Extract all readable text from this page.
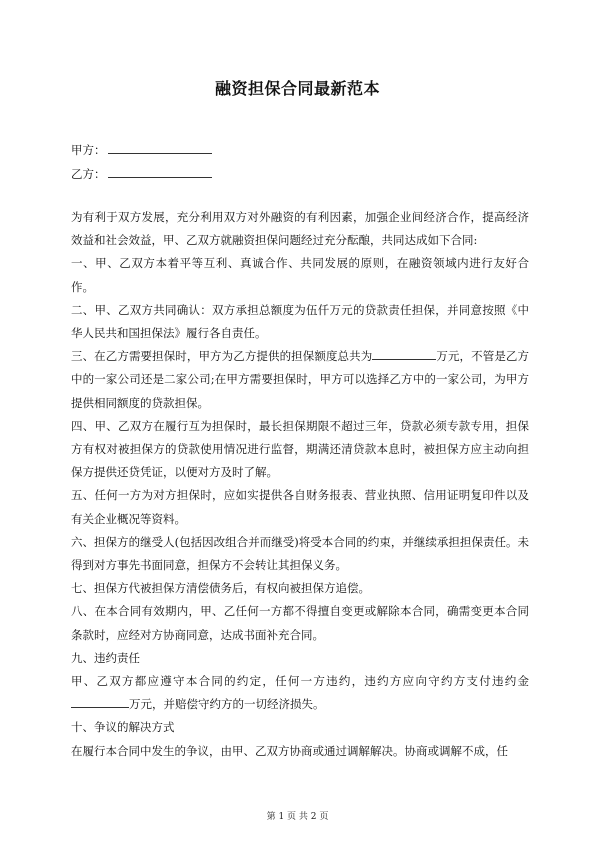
融资担保合同最新范本
甲方：
乙方：

为有利于双方发展，充分利用双方对外融资的有利因素，加强企业间经济合作，提高经济效益和社会效益，甲、乙双方就融资担保问题经过充分酝酿，共同达成如下合同:

一、甲、乙双方本着平等互利、真诚合作、共同发展的原则，在融资领域内进行友好合作。

二、甲、乙双方共同确认：双方承担总额度为伍仟万元的贷款责任担保，并同意按照《中华人民共和国担保法》履行各自责任。

三、在乙方需要担保时，甲方为乙方提供的担保额度总共为	万元，不管是乙方中的一家公司还是二家公司;在甲方需要担保时，甲方可以选择乙方中的一家公司，为甲方提供相同额度的贷款担保。

四、甲、乙双方在履行互为担保时，最长担保期限不超过三年，贷款必须专款专用，担保方有权对被担保方的贷款使用情况进行监督，期满还清贷款本息时，被担保方应主动向担保方提供还贷凭证，以便对方及时了解。

五、任何一方为对方担保时，应如实提供各自财务报表、营业执照、信用证明复印件以及有关企业概况等资料。

六、担保方的继受人(包括因改组合并而继受)将受本合同的约束，并继续承担担保责任。未得到对方事先书面同意，担保方不会转让其担保义务。

七、担保方代被担保方清偿债务后，有权向被担保方追偿。

八、在本合同有效期内，甲、乙任何一方都不得擅自变更或解除本合同，确需变更本合同条款时，应经对方协商同意，达成书面补充合同。

九、违约责任

甲、乙双方都应遵守本合同的约定，任何一方违约，违约方应向守约方支付违约金万元，并赔偿守约方的一切经济损失。

十、争议的解决方式

在履行本合同中发生的争议，由甲、乙双方协商或通过调解解决。协商或调解不成，任

第 1 页 共 2 页
